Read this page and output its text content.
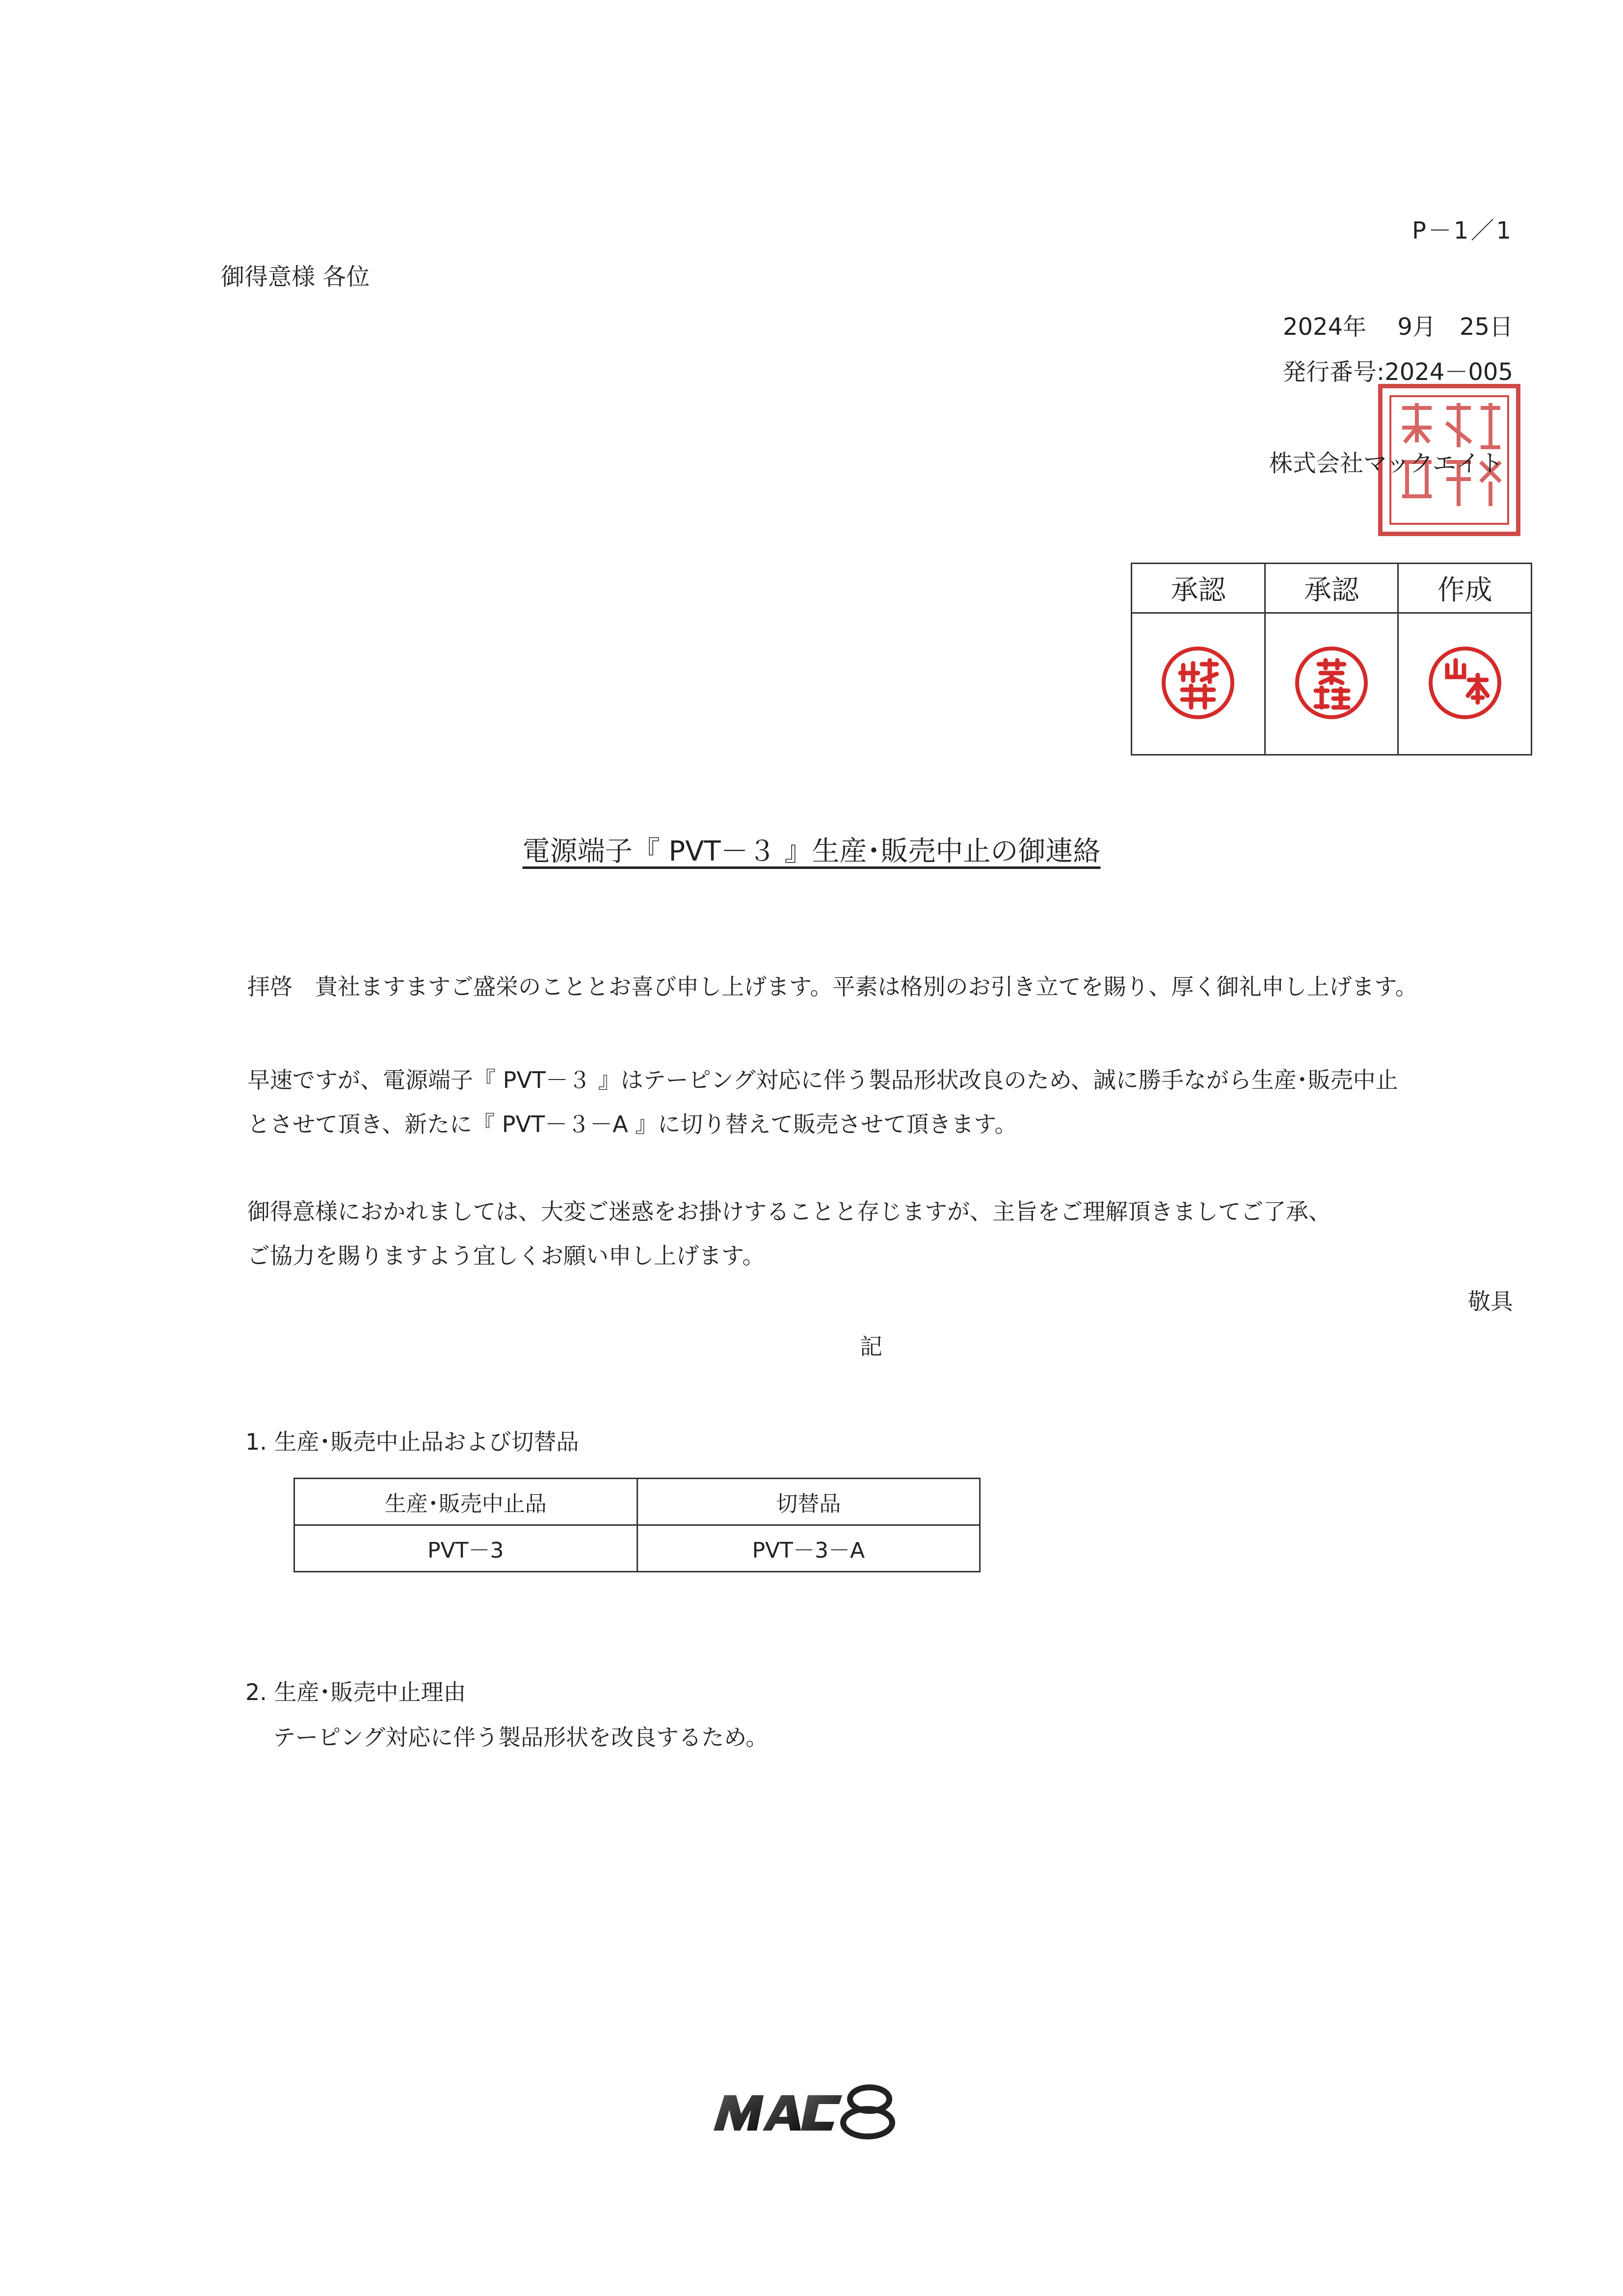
P－1／1
御得意様 各位
2024年　 9月　25日
発行番号:2024－005
株式会社マックエイト
承認	承認	作成

電源端子『 PVT－３ 』生産･販売中止の御連絡
拝啓　貴社ますますご盛栄のこととお喜び申し上げます。平素は格別のお引き立てを賜り、厚く御礼申し上げます。
早速ですが、電源端子『 PVT－３ 』はテーピング対応に伴う製品形状改良のため、誠に勝手ながら生産･販売中止
とさせて頂き、新たに『 PVT－３－A 』に切り替えて販売させて頂きます。
御得意様におかれましては、大変ご迷惑をお掛けすることと存じますが、主旨をご理解頂きましてご了承、
ご協力を賜りますよう宜しくお願い申し上げます。
敬具
記
1. 生産･販売中止品および切替品
生産･販売中止品	切替品
PVT－3	PVT－3－A
2. 生産･販売中止理由
テーピング対応に伴う製品形状を改良するため。
